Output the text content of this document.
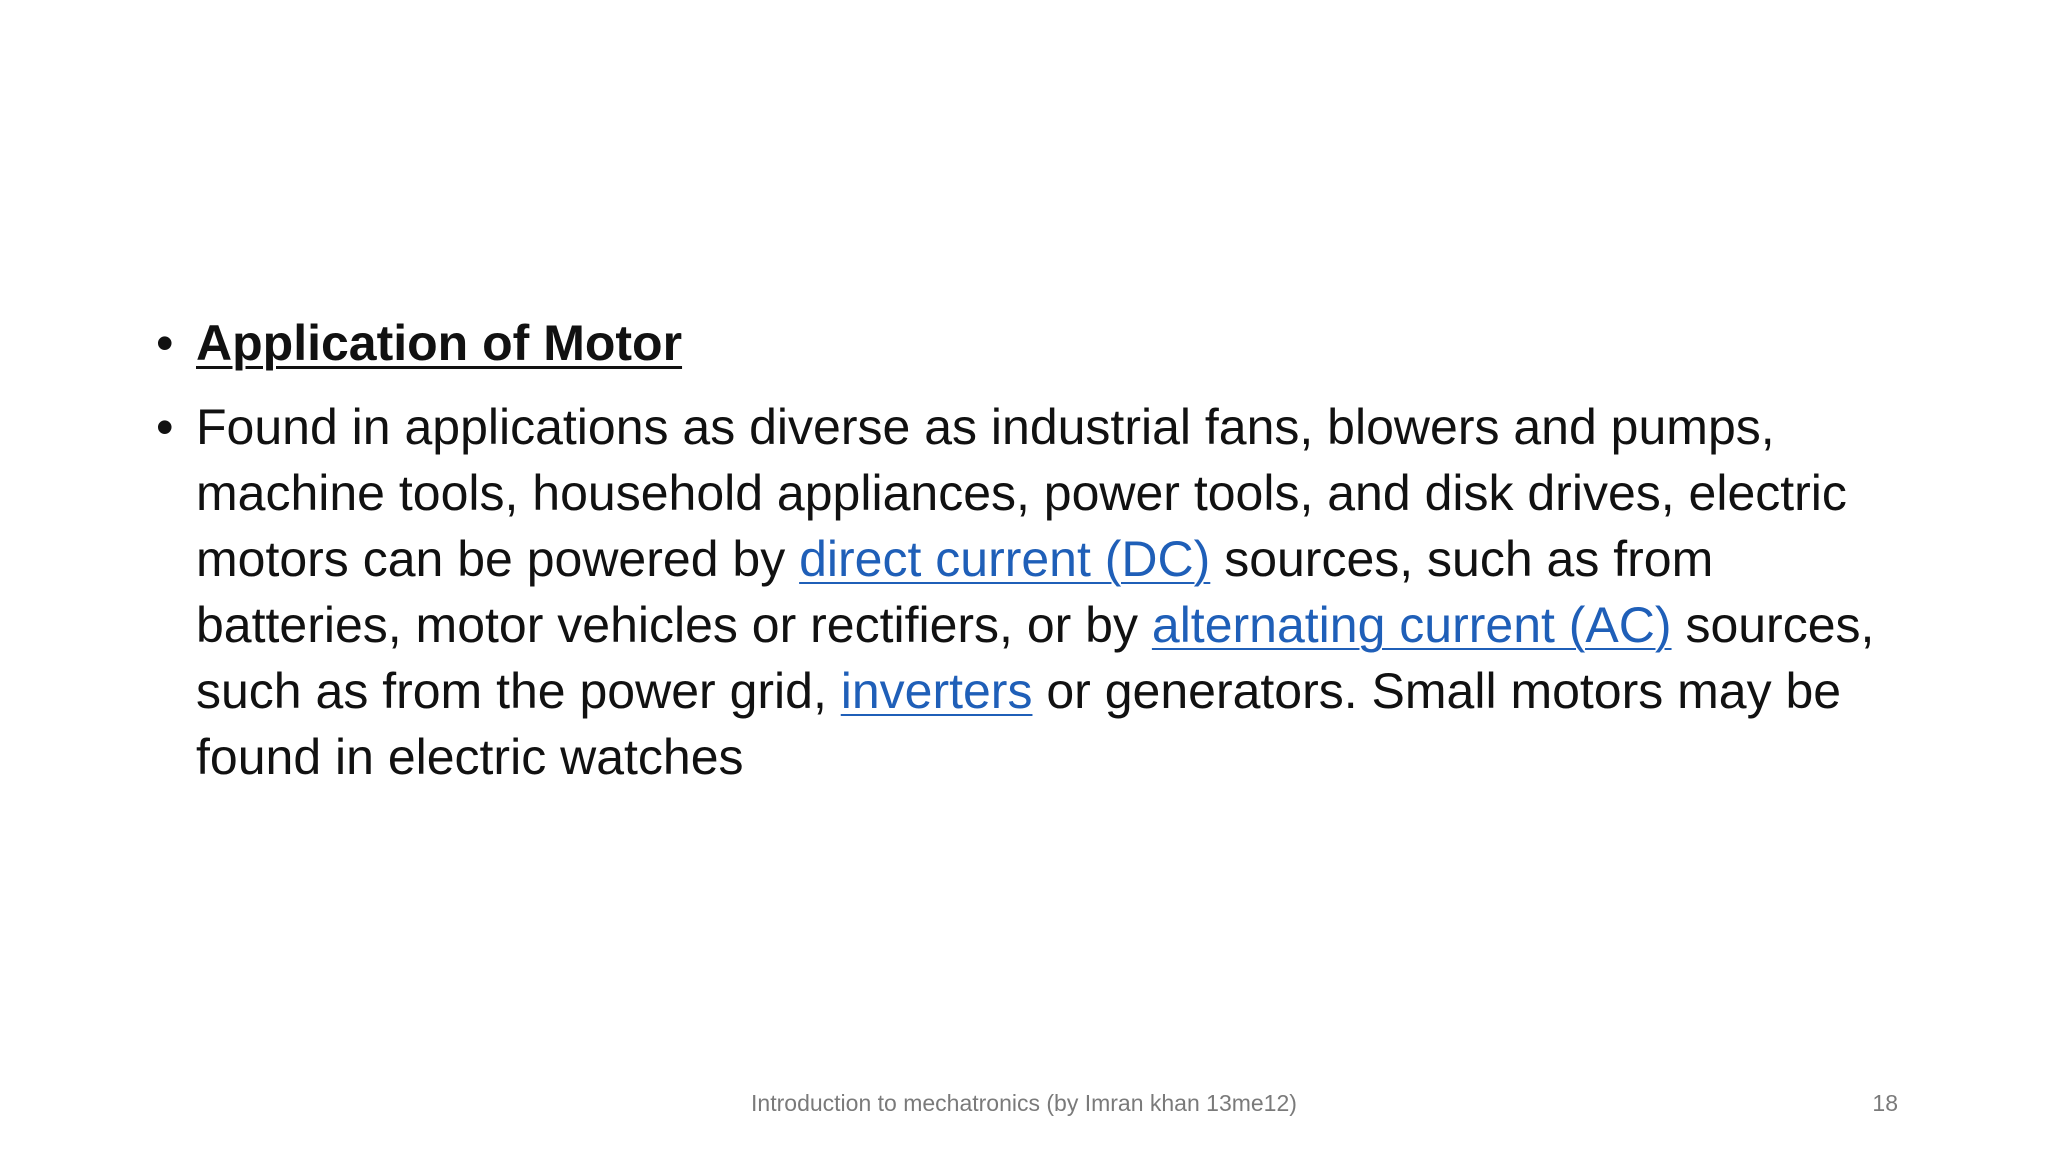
• Application of Motor
• Found in applications as diverse as industrial fans, blowers and pumps, machine tools, household appliances, power tools, and disk drives, electric motors can be powered by direct current (DC) sources, such as from batteries, motor vehicles or rectifiers, or by alternating current (AC) sources, such as from the power grid, inverters or generators. Small motors may be found in electric watches
Introduction to mechatronics (by Imran khan 13me12)	18
